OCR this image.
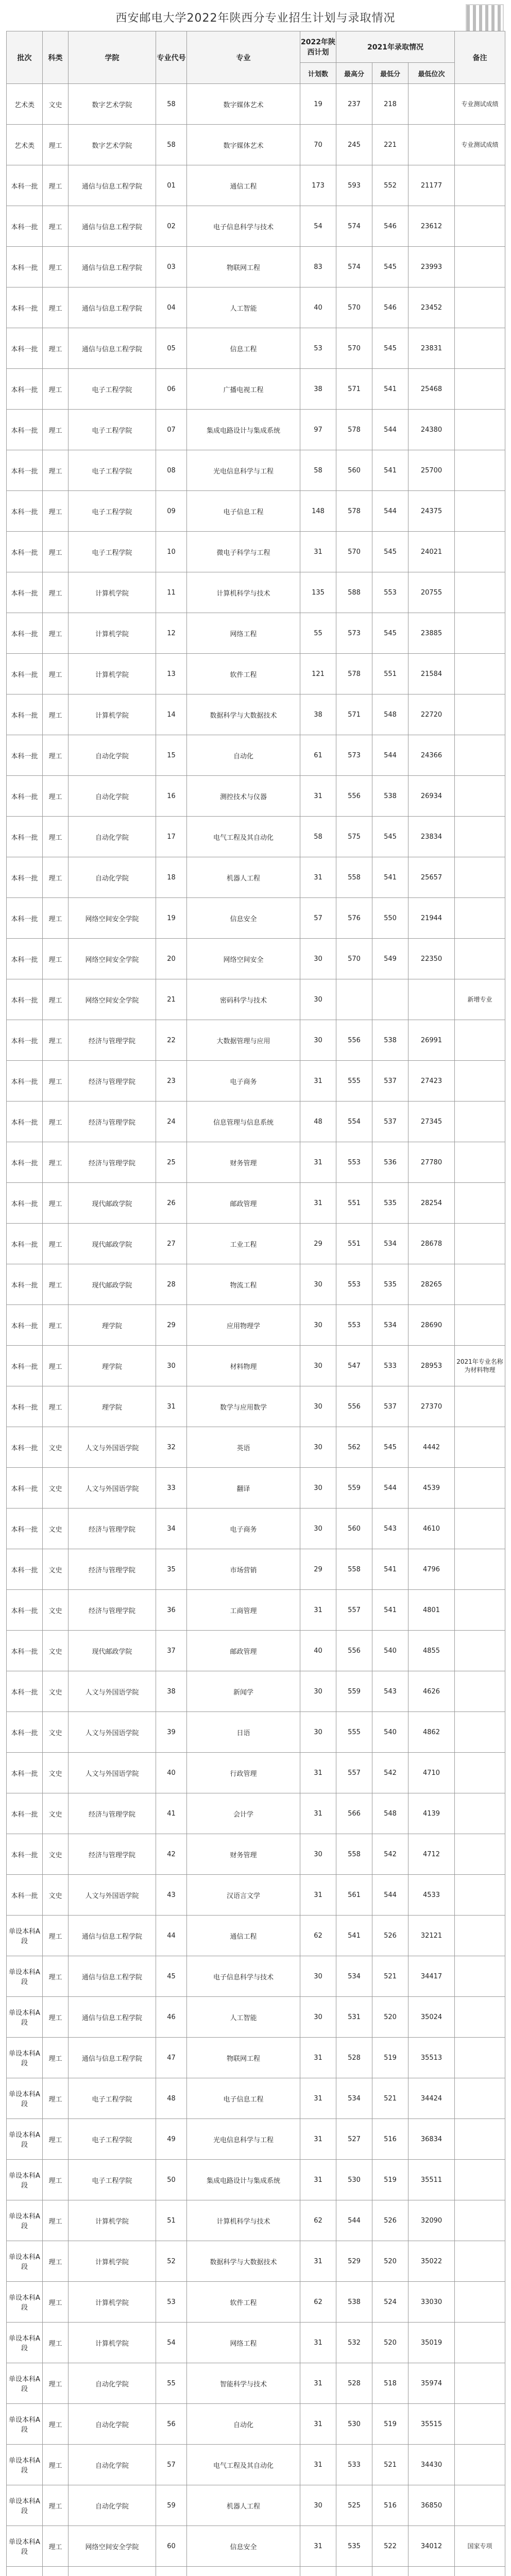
西安邮电大学2022年陕西分专业招生计划与录取情况
批次	科类	学院	专业代号	专业	2022年陕西计划	2021年录取情况			备注
					计划数	最高分	最低分	最低位次	
艺术类	文史	数字艺术学院	58	数字媒体艺术	19	237	218		专业测试成绩
艺术类	理工	数字艺术学院	58	数字媒体艺术	70	245	221		专业测试成绩
本科一批	理工	通信与信息工程学院	01	通信工程	173	593	552	21177	
本科一批	理工	通信与信息工程学院	02	电子信息科学与技术	54	574	546	23612	
本科一批	理工	通信与信息工程学院	03	物联网工程	83	574	545	23993	
本科一批	理工	通信与信息工程学院	04	人工智能	40	570	546	23452	
本科一批	理工	通信与信息工程学院	05	信息工程	53	570	545	23831	
本科一批	理工	电子工程学院	06	广播电视工程	38	571	541	25468	
本科一批	理工	电子工程学院	07	集成电路设计与集成系统	97	578	544	24380	
本科一批	理工	电子工程学院	08	光电信息科学与工程	58	560	541	25700	
本科一批	理工	电子工程学院	09	电子信息工程	148	578	544	24375	
本科一批	理工	电子工程学院	10	微电子科学与工程	31	570	545	24021	
本科一批	理工	计算机学院	11	计算机科学与技术	135	588	553	20755	
本科一批	理工	计算机学院	12	网络工程	55	573	545	23885	
本科一批	理工	计算机学院	13	软件工程	121	578	551	21584	
本科一批	理工	计算机学院	14	数据科学与大数据技术	38	571	548	22720	
本科一批	理工	自动化学院	15	自动化	61	573	544	24366	
本科一批	理工	自动化学院	16	测控技术与仪器	31	556	538	26934	
本科一批	理工	自动化学院	17	电气工程及其自动化	58	575	545	23834	
本科一批	理工	自动化学院	18	机器人工程	31	558	541	25657	
本科一批	理工	网络空间安全学院	19	信息安全	57	576	550	21944	
本科一批	理工	网络空间安全学院	20	网络空间安全	30	570	549	22350	
本科一批	理工	网络空间安全学院	21	密码科学与技术	30				新增专业
本科一批	理工	经济与管理学院	22	大数据管理与应用	30	556	538	26991	
本科一批	理工	经济与管理学院	23	电子商务	31	555	537	27423	
本科一批	理工	经济与管理学院	24	信息管理与信息系统	48	554	537	27345	
本科一批	理工	经济与管理学院	25	财务管理	31	553	536	27780	
本科一批	理工	现代邮政学院	26	邮政管理	31	551	535	28254	
本科一批	理工	现代邮政学院	27	工业工程	29	551	534	28678	
本科一批	理工	现代邮政学院	28	物流工程	30	553	535	28265	
本科一批	理工	理学院	29	应用物理学	30	553	534	28690	
本科一批	理工	理学院	30	材料物理	30	547	533	28953	2021年专业名称为材料物理
本科一批	理工	理学院	31	数学与应用数学	30	556	537	27370	
本科一批	文史	人文与外国语学院	32	英语	30	562	545	4442	
本科一批	文史	人文与外国语学院	33	翻译	30	559	544	4539	
本科一批	文史	经济与管理学院	34	电子商务	30	560	543	4610	
本科一批	文史	经济与管理学院	35	市场营销	29	558	541	4796	
本科一批	文史	经济与管理学院	36	工商管理	31	557	541	4801	
本科一批	文史	现代邮政学院	37	邮政管理	40	556	540	4855	
本科一批	文史	人文与外国语学院	38	新闻学	30	559	543	4626	
本科一批	文史	人文与外国语学院	39	日语	30	555	540	4862	
本科一批	文史	人文与外国语学院	40	行政管理	31	557	542	4710	
本科一批	文史	经济与管理学院	41	会计学	31	566	548	4139	
本科一批	文史	经济与管理学院	42	财务管理	30	558	542	4712	
本科一批	文史	人文与外国语学院	43	汉语言文学	31	561	544	4533	
单设本科A段	理工	通信与信息工程学院	44	通信工程	62	541	526	32121	
单设本科A段	理工	通信与信息工程学院	45	电子信息科学与技术	30	534	521	34417	
单设本科A段	理工	通信与信息工程学院	46	人工智能	30	531	520	35024	
单设本科A段	理工	通信与信息工程学院	47	物联网工程	31	528	519	35513	
单设本科A段	理工	电子工程学院	48	电子信息工程	31	534	521	34424	
单设本科A段	理工	电子工程学院	49	光电信息科学与工程	31	527	516	36834	
单设本科A段	理工	电子工程学院	50	集成电路设计与集成系统	31	530	519	35511	
单设本科A段	理工	计算机学院	51	计算机科学与技术	62	544	526	32090	
单设本科A段	理工	计算机学院	52	数据科学与大数据技术	31	529	520	35022	
单设本科A段	理工	计算机学院	53	软件工程	62	538	524	33030	
单设本科A段	理工	计算机学院	54	网络工程	31	532	520	35019	
单设本科A段	理工	自动化学院	55	智能科学与技术	31	528	518	35974	
单设本科A段	理工	自动化学院	56	自动化	31	530	519	35515	
单设本科A段	理工	自动化学院	57	电气工程及其自动化	31	533	521	34430	
单设本科A段	理工	自动化学院	59	机器人工程	30	525	516	36850	
单设本科A段	理工	网络空间安全学院	60	信息安全	31	535	522	34012	国家专项
